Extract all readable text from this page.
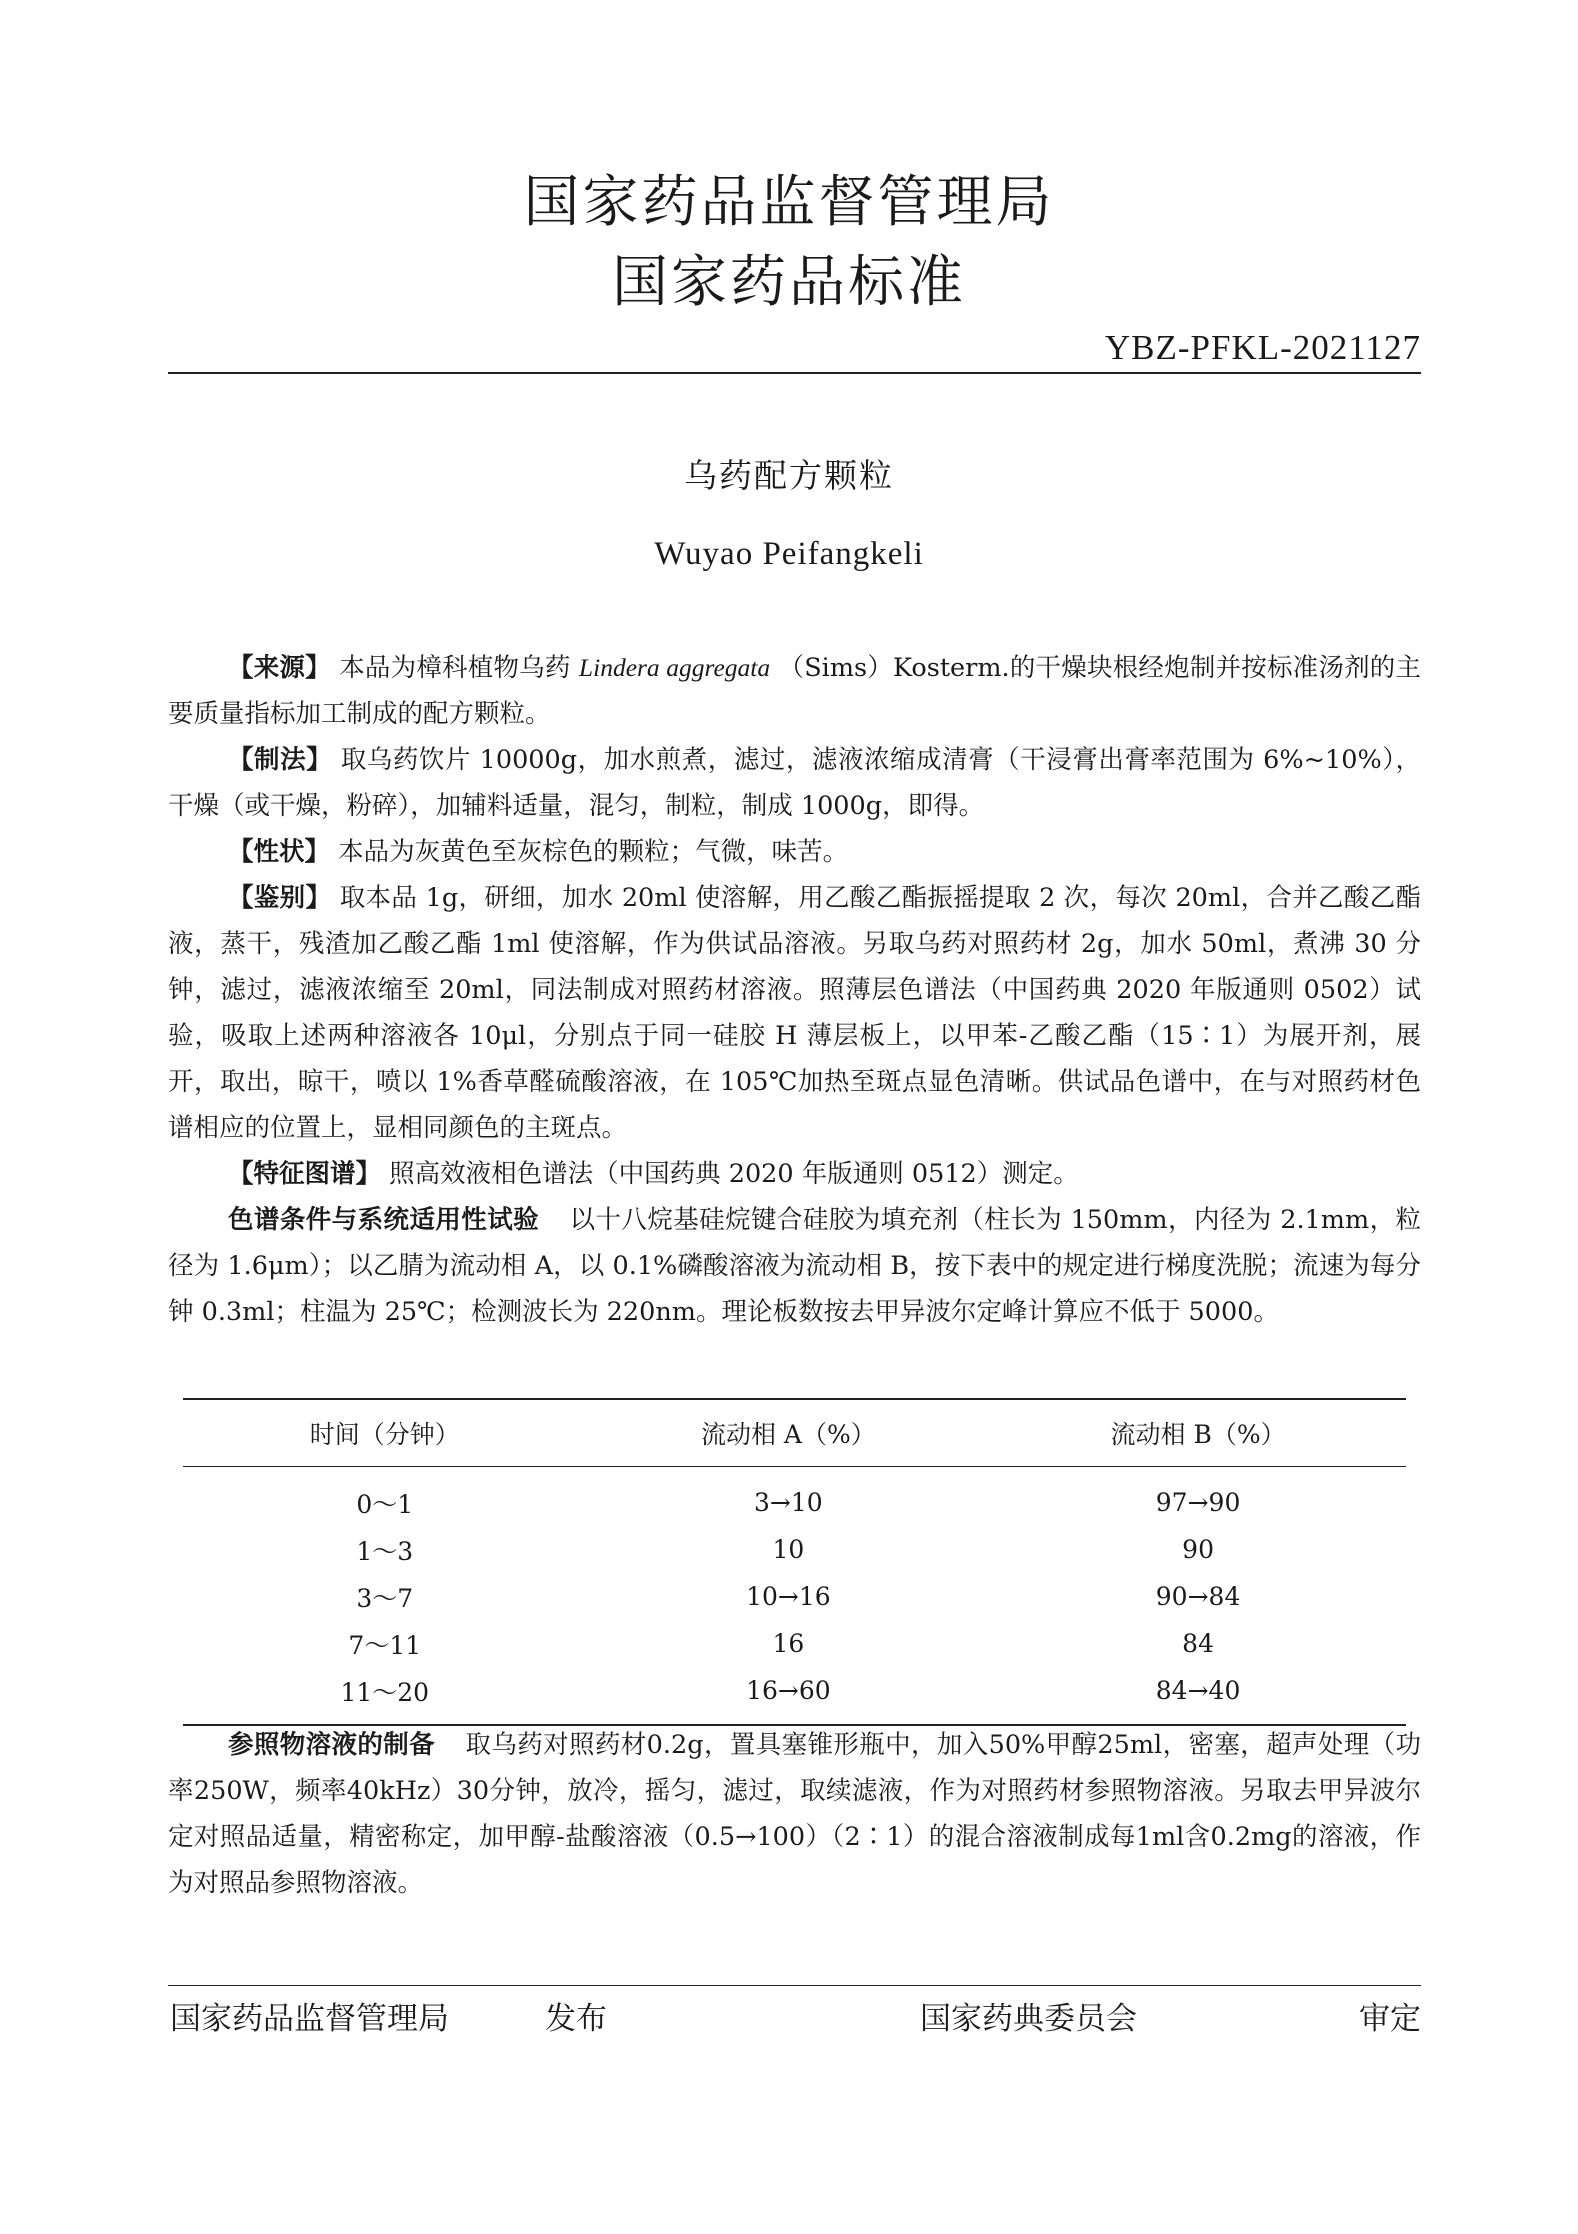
国家药品监督管理局
国家药品标准
YBZ-PFKL-2021127
乌药配方颗粒
Wuyao Peifangkeli

【来源】 本品为樟科植物乌药 Lindera aggregata （Sims）Kosterm.的干燥块根经炮制并按标准汤剂的主要质量指标加工制成的配方颗粒。

【制法】 取乌药饮片 10000g，加水煎煮，滤过，滤液浓缩成清膏（干浸膏出膏率范围为 6%~10%），干燥（或干燥，粉碎），加辅料适量，混匀，制粒，制成 1000g，即得。

【性状】 本品为灰黄色至灰棕色的颗粒；气微，味苦。

【鉴别】 取本品 1g，研细，加水 20ml 使溶解，用乙酸乙酯振摇提取 2 次，每次 20ml，合并乙酸乙酯液，蒸干，残渣加乙酸乙酯 1ml 使溶解，作为供试品溶液。另取乌药对照药材 2g，加水 50ml，煮沸 30 分钟，滤过，滤液浓缩至 20ml，同法制成对照药材溶液。照薄层色谱法（中国药典 2020 年版通则 0502）试验，吸取上述两种溶液各 10μl，分别点于同一硅胶 H 薄层板上，以甲苯-乙酸乙酯（15∶1）为展开剂，展开，取出，晾干，喷以 1%香草醛硫酸溶液，在 105℃加热至斑点显色清晰。供试品色谱中，在与对照药材色谱相应的位置上，显相同颜色的主斑点。

【特征图谱】 照高效液相色谱法（中国药典 2020 年版通则 0512）测定。

色谱条件与系统适用性试验 以十八烷基硅烷键合硅胶为填充剂（柱长为 150mm，内径为 2.1mm，粒径为 1.6μm）；以乙腈为流动相 A，以 0.1%磷酸溶液为流动相 B，按下表中的规定进行梯度洗脱；流速为每分钟 0.3ml；柱温为 25℃；检测波长为 220nm。理论板数按去甲异波尔定峰计算应不低于 5000。

时间（分钟）	流动相 A（%）	流动相 B（%）

0～1	3→10	97→90
1～3	10	90
3～7	10→16	90→84
7～11	16	84
11～20	16→60	84→40

参照物溶液的制备 取乌药对照药材0.2g，置具塞锥形瓶中，加入50%甲醇25ml，密塞，超声处理（功率250W，频率40kHz）30分钟，放冷，摇匀，滤过，取续滤液，作为对照药材参照物溶液。另取去甲异波尔定对照品适量，精密称定，加甲醇-盐酸溶液（0.5→100）（2∶1）的混合溶液制成每1ml含0.2mg的溶液，作为对照品参照物溶液。

国家药品监督管理局	发布	国家药典委员会	审定
